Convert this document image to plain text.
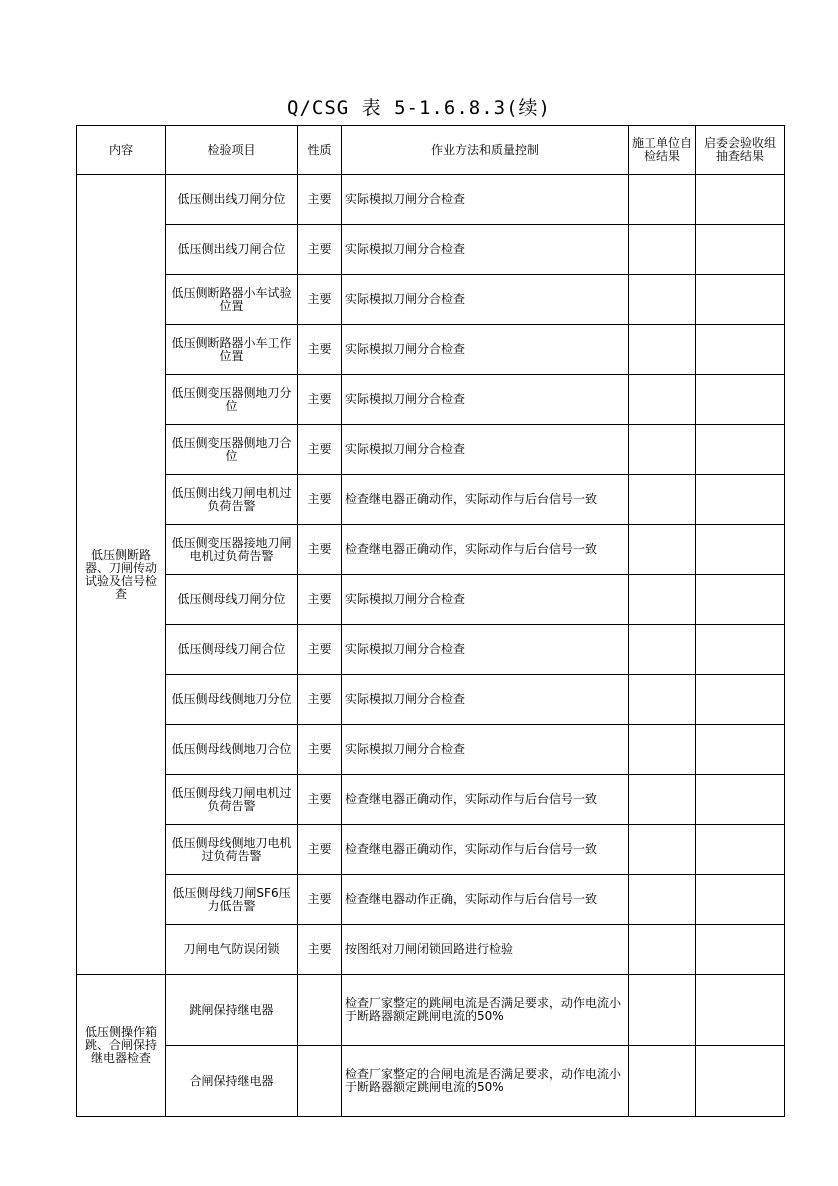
Q/CSG 表 5-1.6.8.3(续)
内容	检验项目	性质	作业方法和质量控制	施工单位自检结果	启委会验收组抽查结果
低压侧断路器、刀闸传动试验及信号检查	低压侧出线刀闸分位	主要	实际模拟刀闸分合检查		
	低压侧出线刀闸合位	主要	实际模拟刀闸分合检查		
	低压侧断路器小车试验位置	主要	实际模拟刀闸分合检查		
	低压侧断路器小车工作位置	主要	实际模拟刀闸分合检查		
	低压侧变压器侧地刀分位	主要	实际模拟刀闸分合检查		
	低压侧变压器侧地刀合位	主要	实际模拟刀闸分合检查		
	低压侧出线刀闸电机过负荷告警	主要	检查继电器正确动作，实际动作与后台信号一致		
	低压侧变压器接地刀闸电机过负荷告警	主要	检查继电器正确动作，实际动作与后台信号一致		
	低压侧母线刀闸分位	主要	实际模拟刀闸分合检查		
	低压侧母线刀闸合位	主要	实际模拟刀闸分合检查		
	低压侧母线侧地刀分位	主要	实际模拟刀闸分合检查		
	低压侧母线侧地刀合位	主要	实际模拟刀闸分合检查		
	低压侧母线刀闸电机过负荷告警	主要	检查继电器正确动作，实际动作与后台信号一致		
	低压侧母线侧地刀电机过负荷告警	主要	检查继电器正确动作，实际动作与后台信号一致		
	低压侧母线刀闸SF6压力低告警	主要	检查继电器动作正确，实际动作与后台信号一致		
	刀闸电气防误闭锁	主要	按图纸对刀闸闭锁回路进行检验		
低压侧操作箱跳、合闸保持继电器检查	跳闸保持继电器		检查厂家整定的跳闸电流是否满足要求，动作电流小于断路器额定跳闸电流的50%		
	合闸保持继电器		检查厂家整定的合闸电流是否满足要求，动作电流小于断路器额定跳闸电流的50%		
